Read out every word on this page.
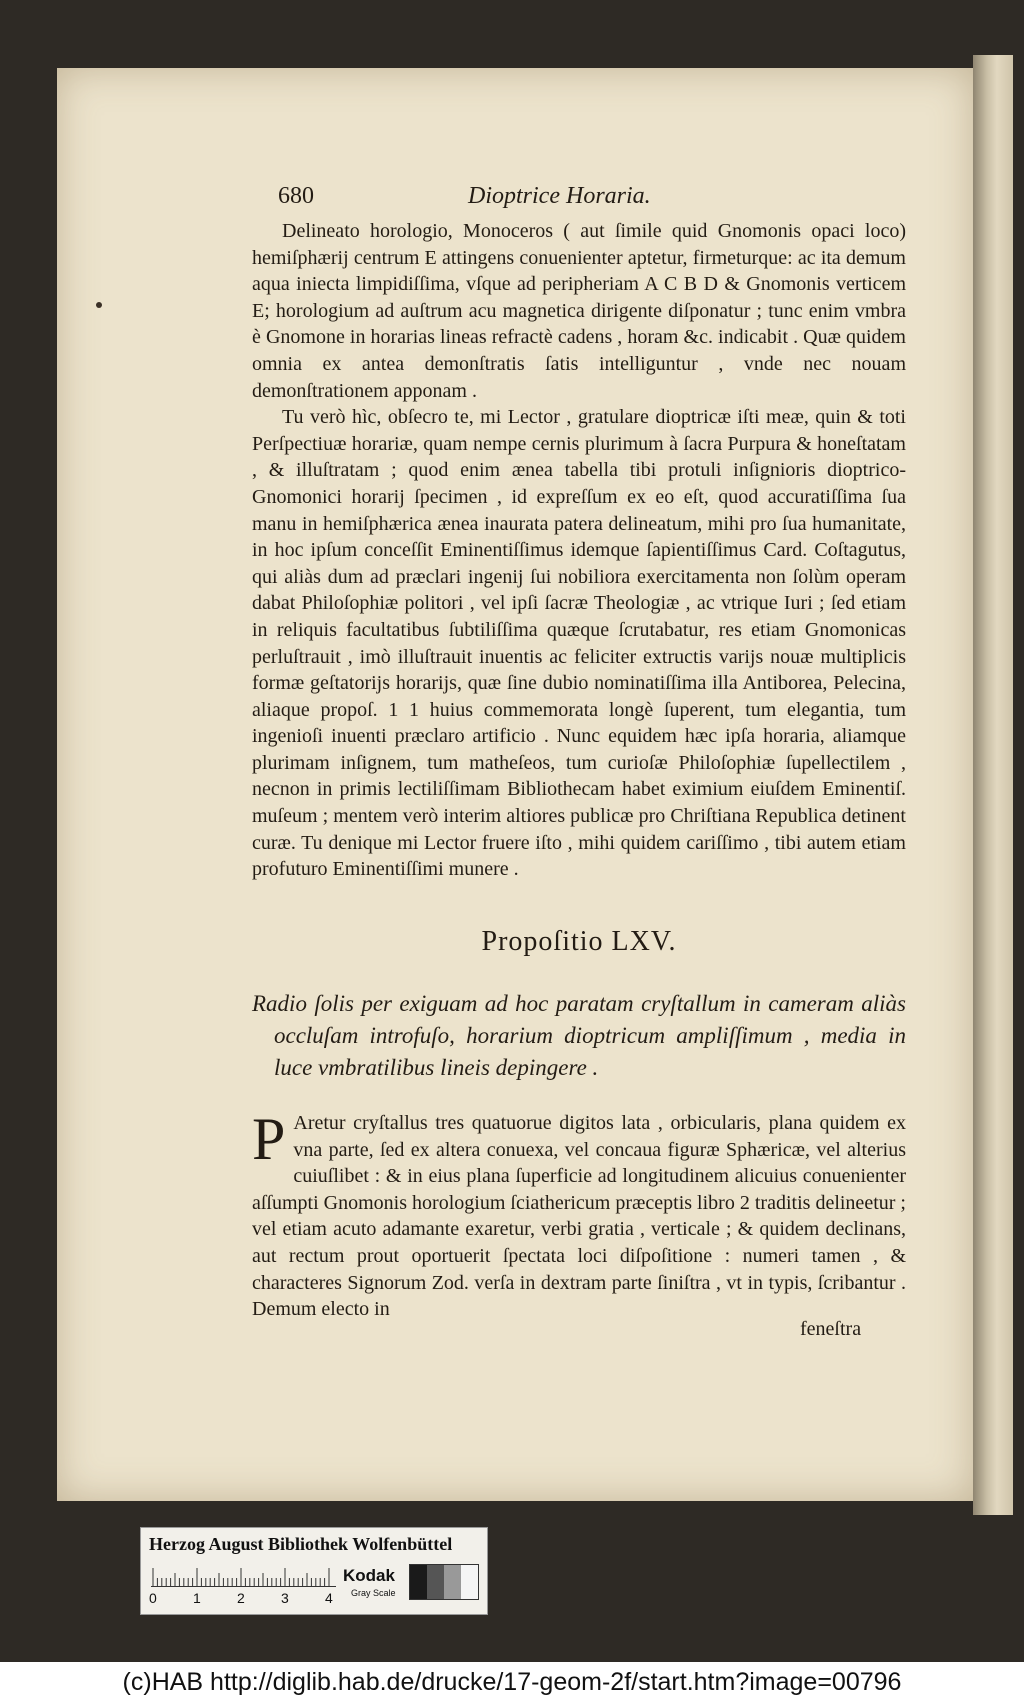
680	Dioptrice Horaria.

Delineato horologio, Monoceros ( aut ſimile quid Gnomonis opaci loco) hemiſphærij centrum E attingens conuenienter aptetur, firmeturque: ac ita demum aqua iniecta limpidiſſima, vſque ad peripheriam A C B D & Gnomonis verticem E; horologium ad auſtrum acu magnetica dirigente diſponatur ; tunc enim vmbra è Gnomone in horarias lineas refractè cadens , horam &c. indicabit . Quæ quidem omnia ex antea demonſtratis ſatis intelliguntur , vnde nec nouam demonſtrationem apponam .

Tu verò hìc, obſecro te, mi Lector , gratulare dioptricæ iſti meæ, quin & toti Perſpectiuæ horariæ, quam nempe cernis plurimum à ſacra Purpura & honeſtatam , & illuſtratam ; quod enim ænea tabella tibi protuli inſignioris dioptrico-Gnomonici horarij ſpecimen , id expreſſum ex eo eſt, quod accuratiſſima ſua manu in hemiſphærica ænea inaurata patera delineatum, mihi pro ſua humanitate, in hoc ipſum conceſſit Eminentiſſimus idemque ſapientiſſimus Card. Coſtagutus, qui aliàs dum ad præclari ingenij ſui nobiliora exercitamenta non ſolùm operam dabat Philoſophiæ politori , vel ipſi ſacræ Theologiæ , ac vtrique Iuri ; ſed etiam in reliquis facultatibus ſubtiliſſima quæque ſcrutabatur, res etiam Gnomonicas perluſtrauit , imò illuſtrauit inuentis ac feliciter extructis varijs nouæ multiplicis formæ geſtatorijs horarijs, quæ ſine dubio nominatiſſima illa Antiborea, Pelecina, aliaque propoſ. 1 1 huius commemorata longè ſuperent, tum elegantia, tum ingenioſi inuenti præclaro artificio . Nunc equidem hæc ipſa horaria, aliamque plurimam inſignem, tum matheſeos, tum curioſæ Philoſophiæ ſupellectilem , necnon in primis lectiliſſimam Bibliothecam habet eximium eiuſdem Eminentiſ. muſeum ; mentem verò interim altiores publicæ pro Chriſtiana Republica detinent curæ. Tu denique mi Lector fruere iſto , mihi quidem cariſſimo , tibi autem etiam profuturo Eminentiſſimi munere .

Propoſitio LXV.

Radio ſolis per exiguam ad hoc paratam cryſtallum in cameram aliàs occluſam introfuſo, horarium dioptricum ampliſſimum , media in luce vmbratilibus lineis depingere .

P Aretur cryſtallus tres quatuorue digitos lata , orbicularis, plana quidem ex vna parte, ſed ex altera conuexa, vel concaua figuræ Sphæricæ, vel alterius cuiuſlibet : & in eius plana ſuperficie ad longitudinem alicuius conuenienter aſſumpti Gnomonis horologium ſciathericum præceptis libro 2 traditis delineetur ; vel etiam acuto adamante exaretur, verbi gratia , verticale ; & quidem declinans, aut rectum prout oportuerit ſpectata loci diſpoſitione : numeri tamen , & characteres Signorum Zod. verſa in dextram parte ſiniſtra , vt in typis, ſcribantur . Demum electo in

feneſtra
Herzog August Bibliothek Wolfenbüttel
0	1	2	3	4
Kodak
Gray Scale
(c)HAB http://diglib.hab.de/drucke/17-geom-2f/start.htm?image=00796
